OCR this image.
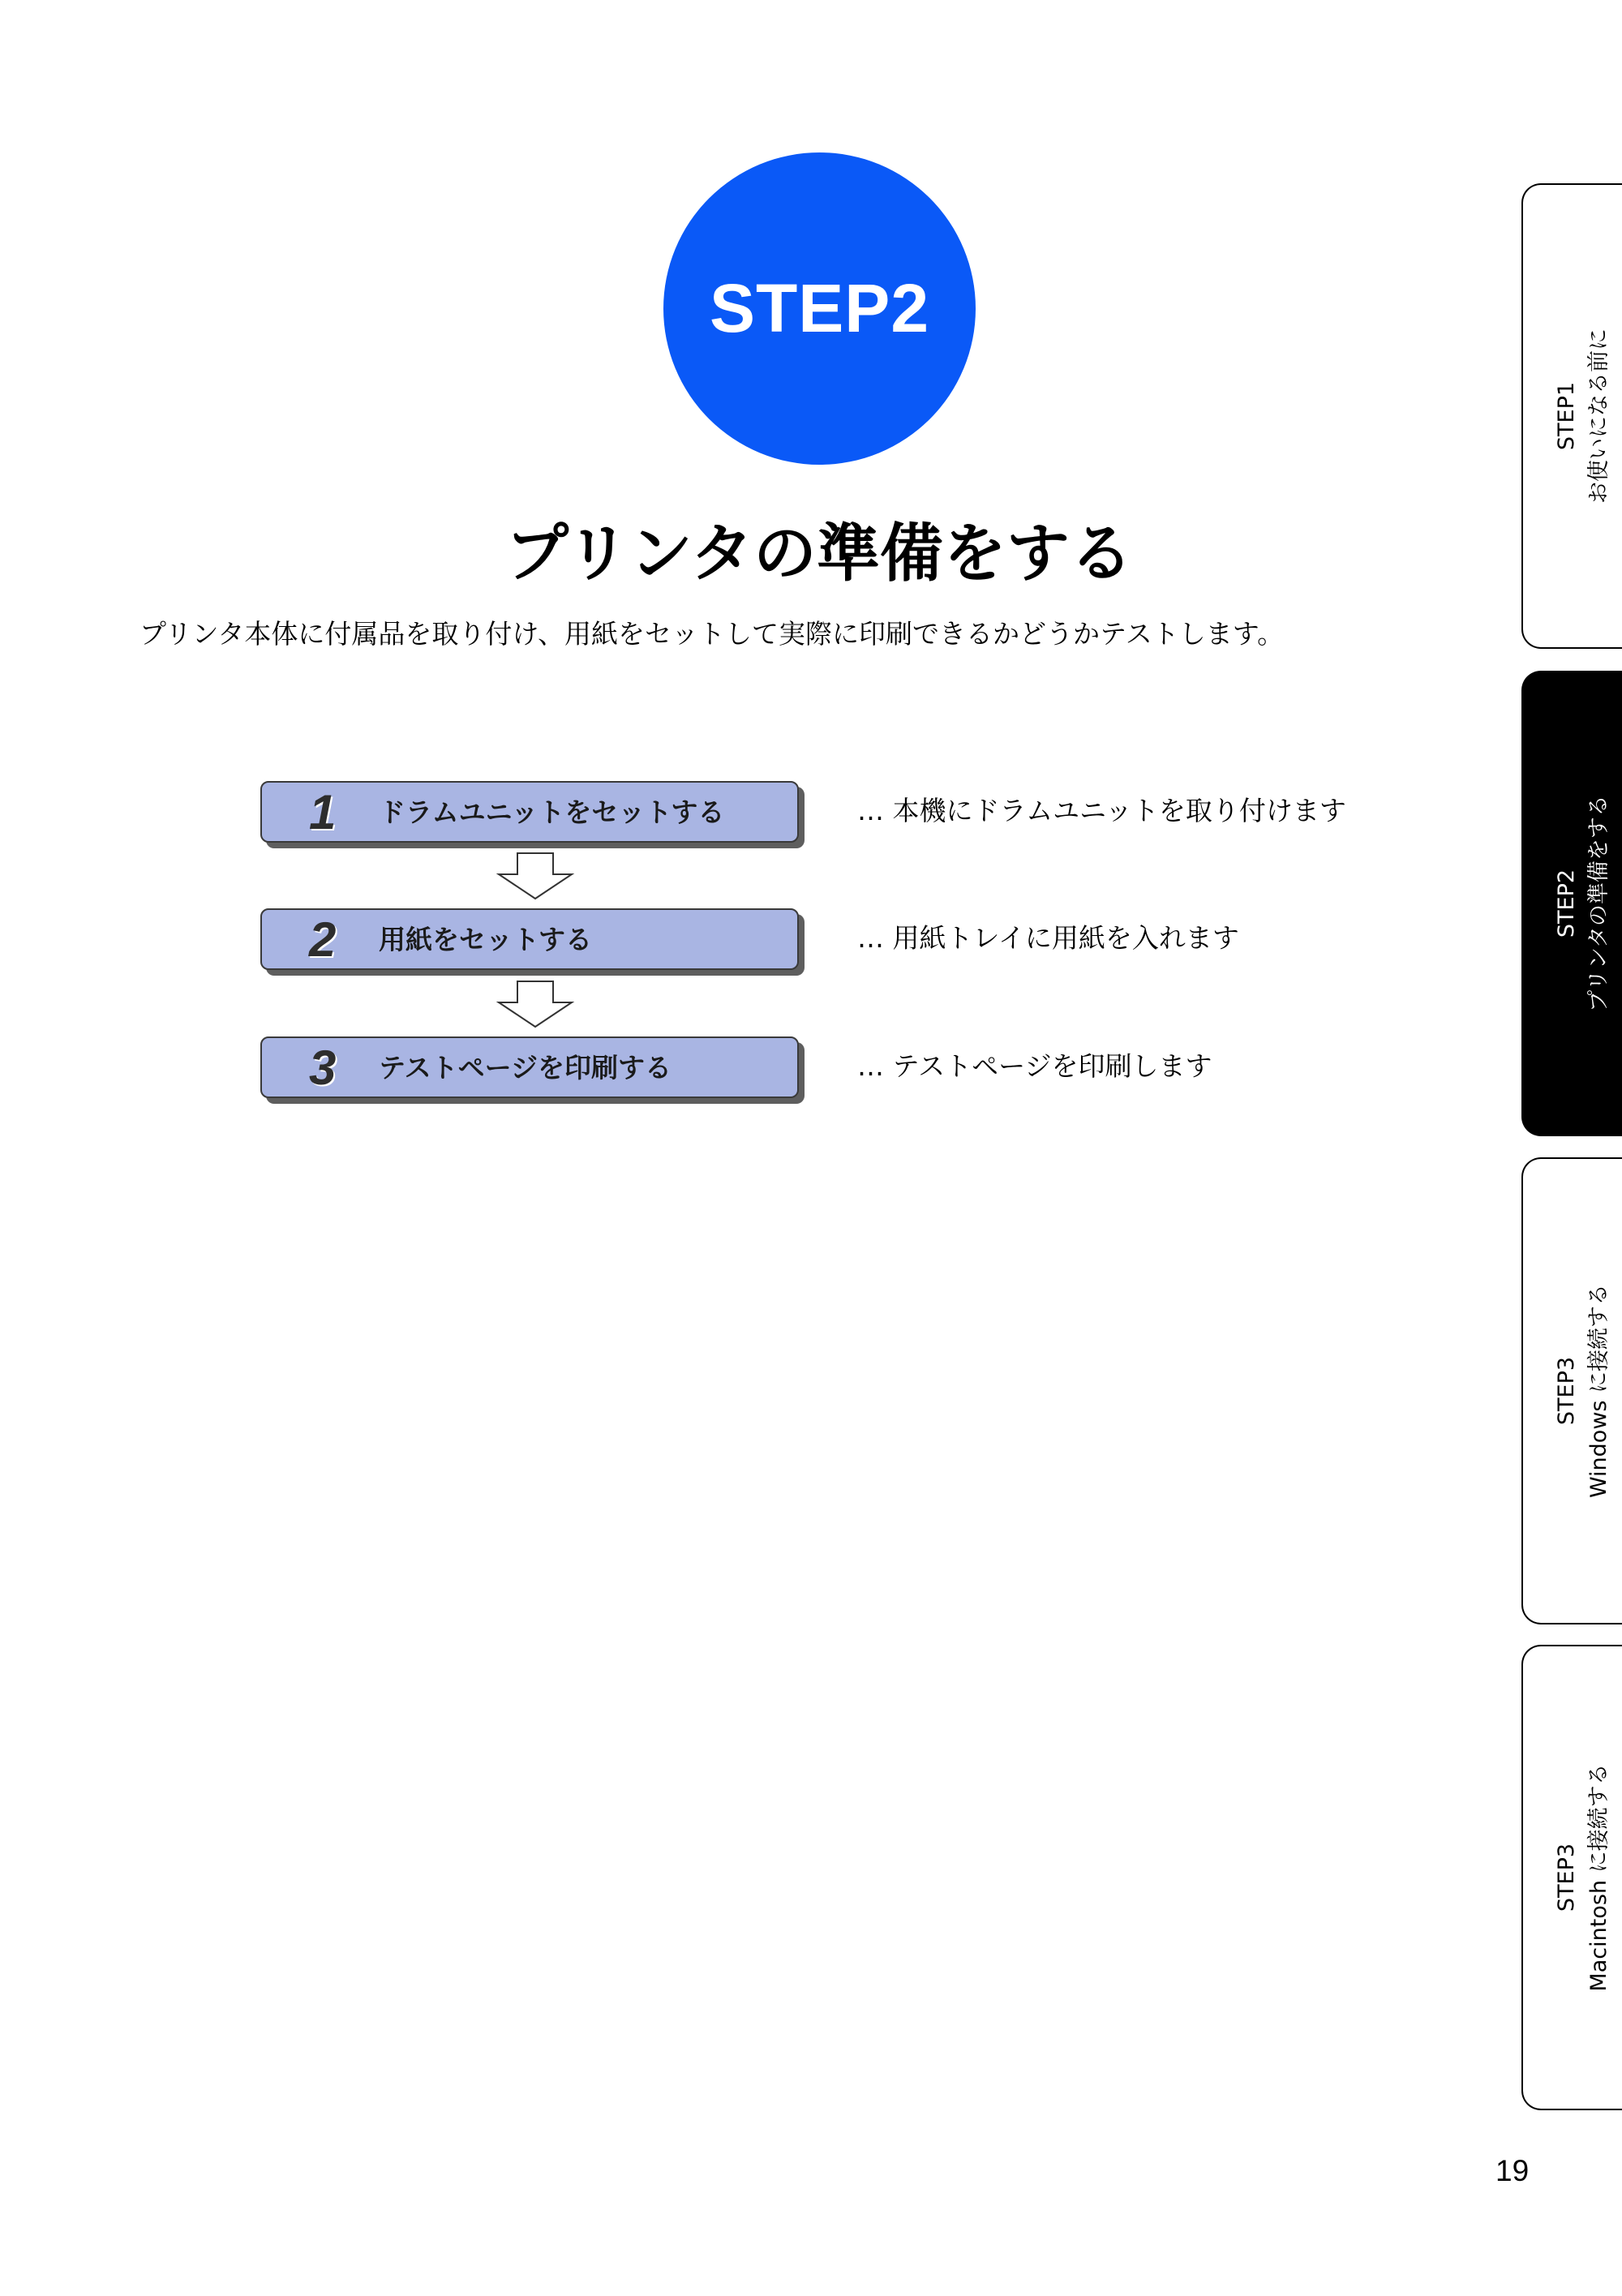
STEP2
プリンタの準備をする
プリンタ本体に付属品を取り付け、用紙をセットして実際に印刷できるかどうかテストします。
1 ドラムユニットをセットする	… 本機にドラムユニットを取り付けます
2 用紙をセットする	… 用紙トレイに用紙を入れます
3 テストページを印刷する	… テストページを印刷します
STEP1 お使いになる前に
STEP2 プリンタの準備をする
STEP3 Windows に接続する
STEP3 Macintosh に接続する
19
